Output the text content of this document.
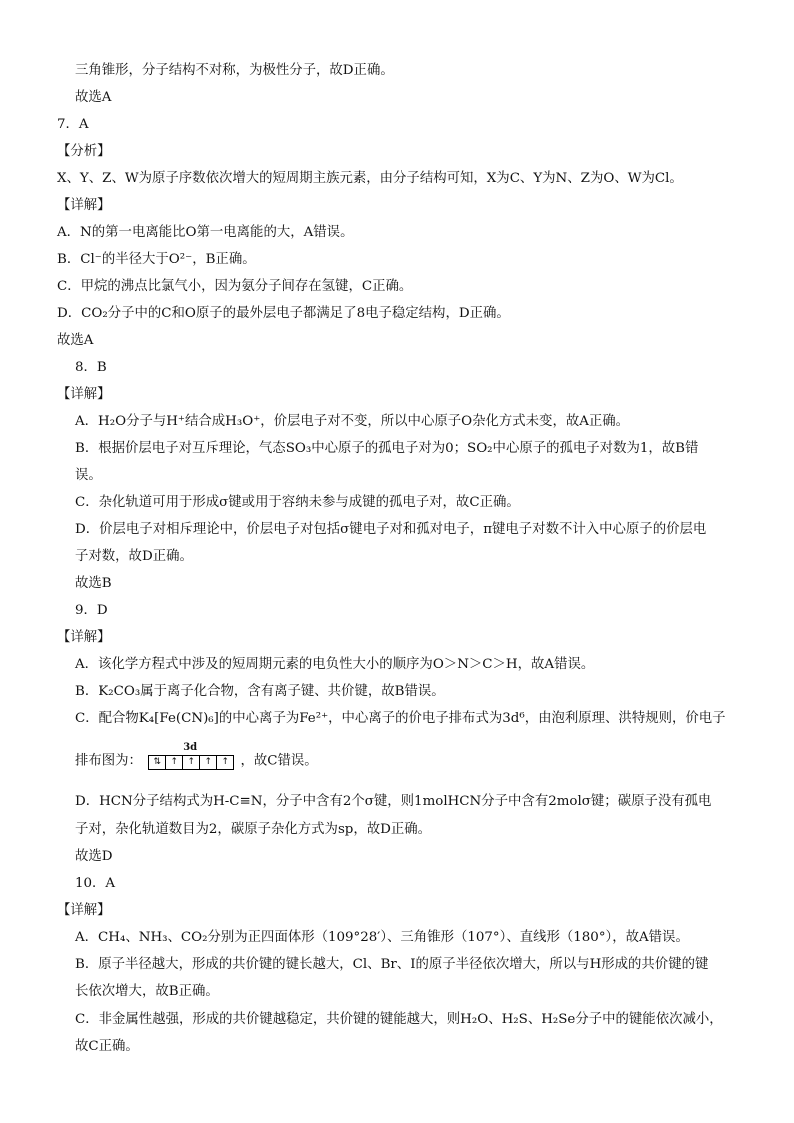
三角锥形，分子结构不对称，为极性分子，故D正确。
故选A
7．A
【分析】
X、Y、Z、W为原子序数依次增大的短周期主族元素，由分子结构可知，X为C、Y为N、Z为O、W为Cl。
【详解】
A．N的第一电离能比O第一电离能的大，A错误。
B．Cl⁻的半径大于O²⁻，B正确。
C．甲烷的沸点比氯气小，因为氨分子间存在氢键，C正确。
D．CO₂分子中的C和O原子的最外层电子都满足了8电子稳定结构，D正确。
故选A
8．B
【详解】
A．H₂O分子与H⁺结合成H₃O⁺，价层电子对不变，所以中心原子O杂化方式未变，故A正确。
B．根据价层电子对互斥理论，气态SO₃中心原子的孤电子对为0；SO₂中心原子的孤电子对数为1，故B错
误。
C．杂化轨道可用于形成σ键或用于容纳未参与成键的孤电子对，故C正确。
D．价层电子对相斥理论中，价层电子对包括σ键电子对和孤对电子，π键电子对数不计入中心原子的价层电
子对数，故D正确。
故选B
9．D
【详解】
A．该化学方程式中涉及的短周期元素的电负性大小的顺序为O＞N＞C＞H，故A错误。
B．K₂CO₃属于离子化合物，含有离子键、共价键，故B错误。
C．配合物K₄[Fe(CN)₆]的中心离子为Fe²⁺，中心离子的价电子排布式为3d⁶，由泡利原理、洪特规则，价电子
排布图为：
3d
⇅	↑	↑	↑	↑ ，故C错误。
D．HCN分子结构式为H-C≡N，分子中含有2个σ键，则1molHCN分子中含有2molσ键；碳原子没有孤电
子对，杂化轨道数目为2，碳原子杂化方式为sp，故D正确。
故选D
10．A
【详解】
A．CH₄、NH₃、CO₂分别为正四面体形（109°28′）、三角锥形（107°）、直线形（180°），故A错误。
B．原子半径越大，形成的共价键的键长越大，Cl、Br、I的原子半径依次增大，所以与H形成的共价键的键
长依次增大，故B正确。
C．非金属性越强，形成的共价键越稳定，共价键的键能越大，则H₂O、H₂S、H₂Se分子中的键能依次减小，
故C正确。
